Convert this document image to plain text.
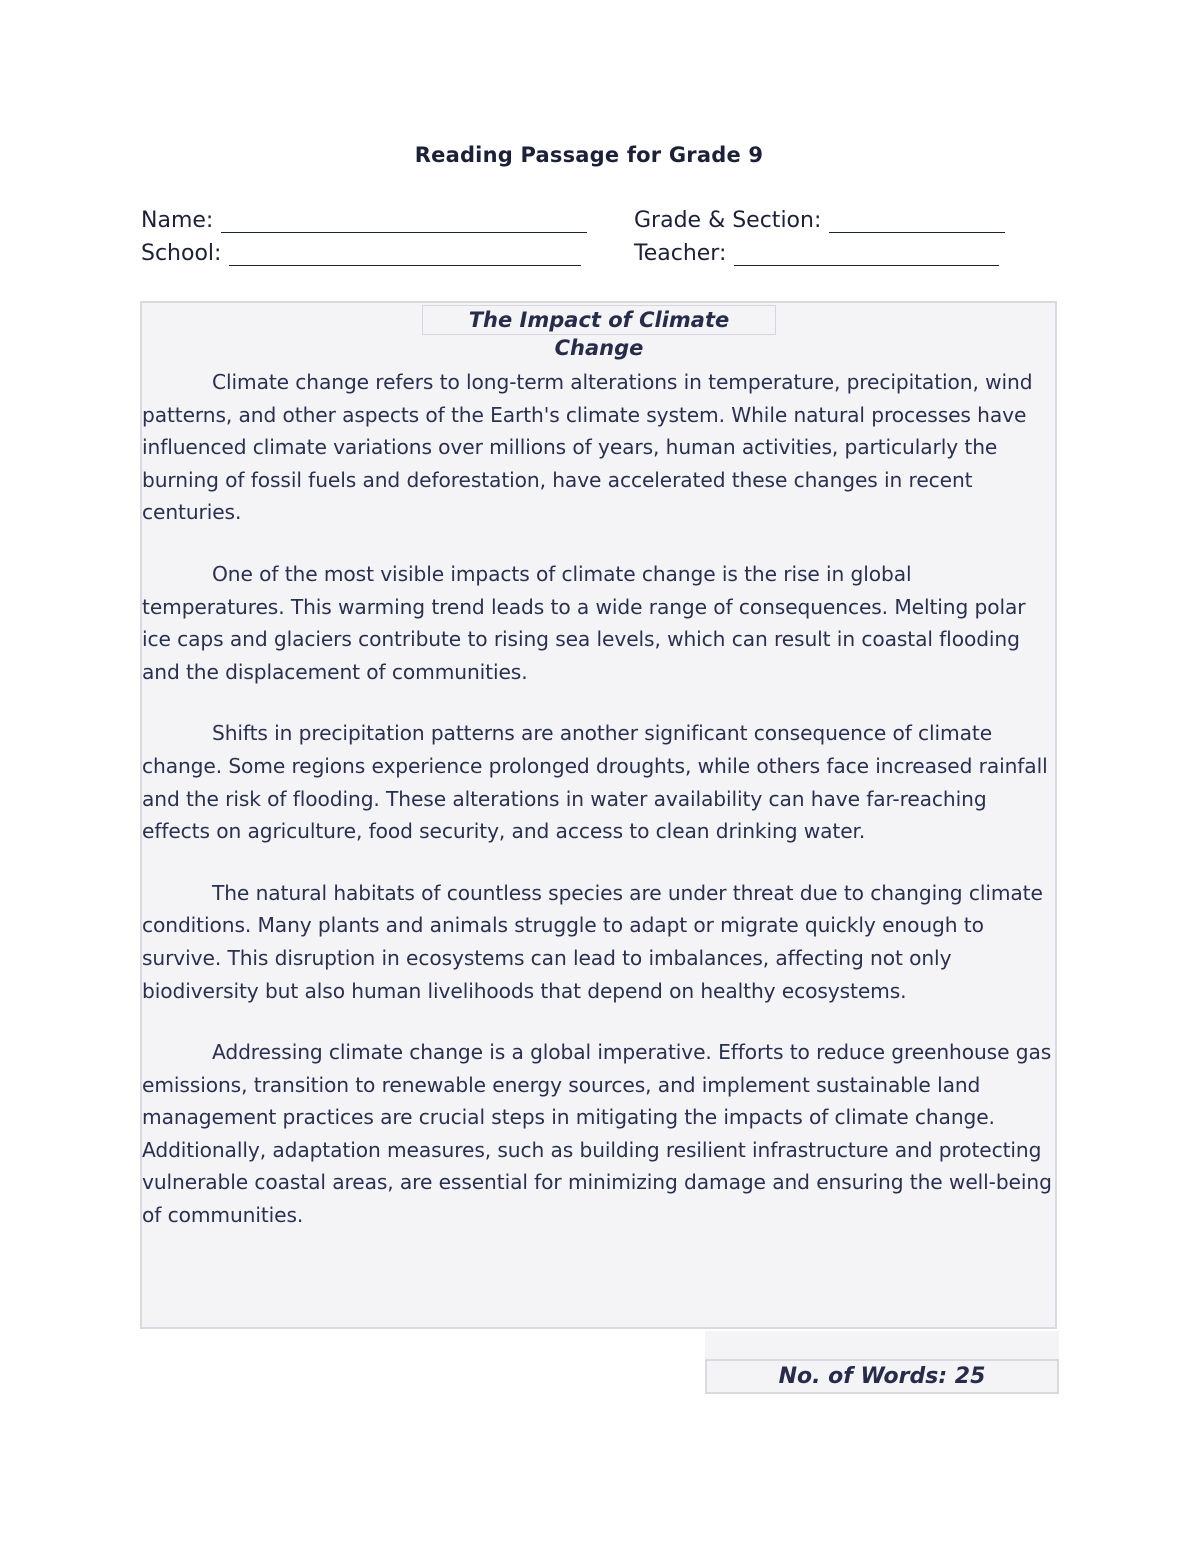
Reading Passage for Grade 9
Name:
School:
Grade & Section:
Teacher:
The Impact of Climate Change

Climate change refers to long-term alterations in temperature, precipitation, wind patterns, and other aspects of the Earth's climate system. While natural processes have influenced climate variations over millions of years, human activities, particularly the burning of fossil fuels and deforestation, have accelerated these changes in recent centuries.

One of the most visible impacts of climate change is the rise in global temperatures. This warming trend leads to a wide range of consequences. Melting polar ice caps and glaciers contribute to rising sea levels, which can result in coastal flooding and the displacement of communities.

Shifts in precipitation patterns are another significant consequence of climate change. Some regions experience prolonged droughts, while others face increased rainfall and the risk of flooding. These alterations in water availability can have far-reaching effects on agriculture, food security, and access to clean drinking water.

The natural habitats of countless species are under threat due to changing climate conditions. Many plants and animals struggle to adapt or migrate quickly enough to survive. This disruption in ecosystems can lead to imbalances, affecting not only biodiversity but also human livelihoods that depend on healthy ecosystems.

Addressing climate change is a global imperative. Efforts to reduce greenhouse gas emissions, transition to renewable energy sources, and implement sustainable land management practices are crucial steps in mitigating the impacts of climate change. Additionally, adaptation measures, such as building resilient infrastructure and protecting vulnerable coastal areas, are essential for minimizing damage and ensuring the well-being of communities.

No. of Words: 25
